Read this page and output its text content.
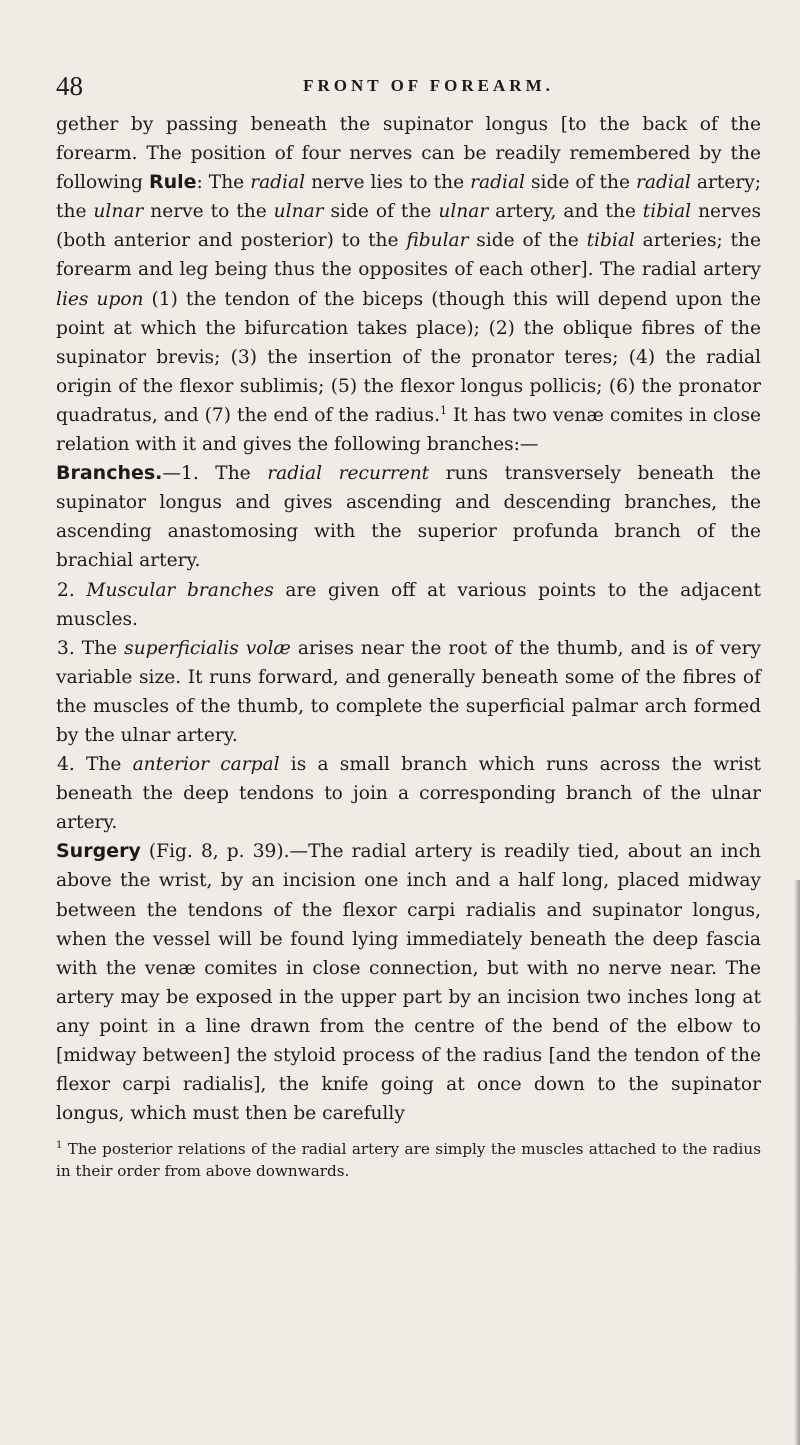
48	FRONT OF FOREARM.

gether by passing beneath the supinator longus [to the back of the forearm. The position of four nerves can be readily remembered by the following Rule: The radial nerve lies to the radial side of the radial artery; the ulnar nerve to the ulnar side of the ulnar artery, and the tibial nerves (both anterior and posterior) to the fibular side of the tibial arteries; the forearm and leg being thus the opposites of each other]. The radial artery lies upon (1) the tendon of the biceps (though this will depend upon the point at which the bifurcation takes place); (2) the oblique fibres of the supinator brevis; (3) the insertion of the pronator teres; (4) the radial origin of the flexor sublimis; (5) the flexor longus pollicis; (6) the pronator quadratus, and (7) the end of the radius.$^1$ It has two venæ comites in close relation with it and gives the following branches:—

Branches.—1. The radial recurrent runs transversely beneath the supinator longus and gives ascending and descending branches, the ascending anastomosing with the superior profunda branch of the brachial artery.

2. Muscular branches are given off at various points to the adjacent muscles.

3. The superficialis volæ arises near the root of the thumb, and is of very variable size. It runs forward, and generally beneath some of the fibres of the muscles of the thumb, to complete the superficial palmar arch formed by the ulnar artery.

4. The anterior carpal is a small branch which runs across the wrist beneath the deep tendons to join a corresponding branch of the ulnar artery.

Surgery (Fig. 8, p. 39).—The radial artery is readily tied, about an inch above the wrist, by an incision one inch and a half long, placed midway between the tendons of the flexor carpi radialis and supinator longus, when the vessel will be found lying immediately beneath the deep fascia with the venæ comites in close connection, but with no nerve near. The artery may be exposed in the upper part by an incision two inches long at any point in a line drawn from the centre of the bend of the elbow to [midway between] the styloid process of the radius [and the tendon of the flexor carpi radialis], the knife going at once down to the supinator longus, which must then be carefully

$^1$ The posterior relations of the radial artery are simply the muscles attached to the radius in their order from above downwards.
